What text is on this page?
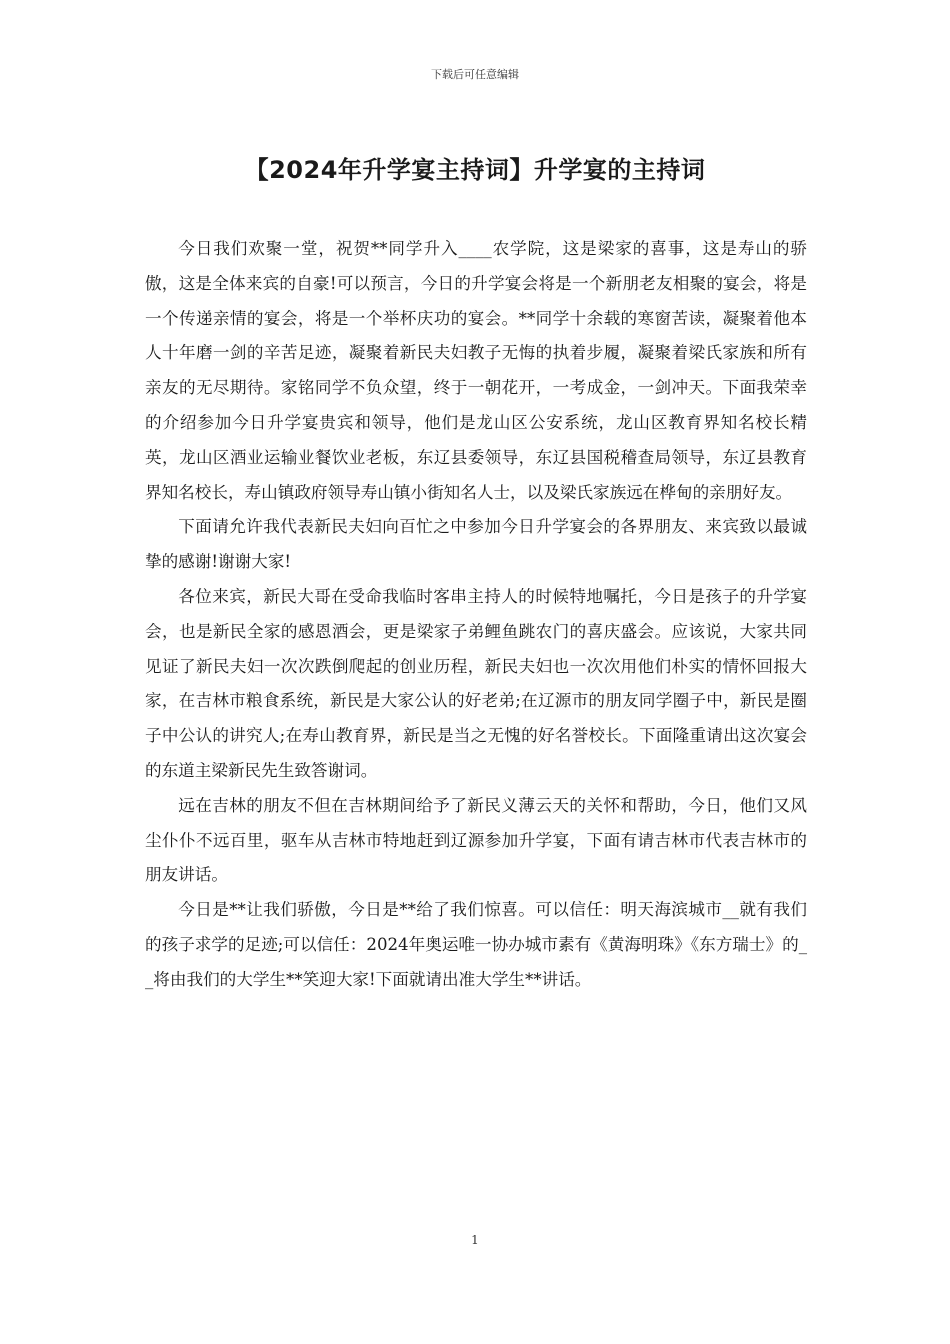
下载后可任意编辑
【2024年升学宴主持词】升学宴的主持词

今日我们欢聚一堂，祝贺**同学升入____农学院，这是梁家的喜事，这是寿山的骄傲，这是全体来宾的自豪!可以预言，今日的升学宴会将是一个新朋老友相聚的宴会，将是一个传递亲情的宴会，将是一个举杯庆功的宴会。**同学十余载的寒窗苦读，凝聚着他本人十年磨一剑的辛苦足迹，凝聚着新民夫妇教子无悔的执着步履，凝聚着梁氏家族和所有亲友的无尽期待。家铭同学不负众望，终于一朝花开，一考成金，一剑冲天。下面我荣幸的介绍参加今日升学宴贵宾和领导，他们是龙山区公安系统，龙山区教育界知名校长精英，龙山区酒业运输业餐饮业老板，东辽县委领导，东辽县国税稽查局领导，东辽县教育界知名校长，寿山镇政府领导寿山镇小街知名人士，以及梁氏家族远在桦甸的亲朋好友。

下面请允许我代表新民夫妇向百忙之中参加今日升学宴会的各界朋友、来宾致以最诚挚的感谢!谢谢大家!

各位来宾，新民大哥在受命我临时客串主持人的时候特地嘱托，今日是孩子的升学宴会，也是新民全家的感恩酒会，更是梁家子弟鲤鱼跳农门的喜庆盛会。应该说，大家共同见证了新民夫妇一次次跌倒爬起的创业历程，新民夫妇也一次次用他们朴实的情怀回报大家，在吉林市粮食系统，新民是大家公认的好老弟;在辽源市的朋友同学圈子中，新民是圈子中公认的讲究人;在寿山教育界，新民是当之无愧的好名誉校长。下面隆重请出这次宴会的东道主梁新民先生致答谢词。

远在吉林的朋友不但在吉林期间给予了新民义薄云天的关怀和帮助，今日，他们又风尘仆仆不远百里，驱车从吉林市特地赶到辽源参加升学宴，下面有请吉林市代表吉林市的朋友讲话。

今日是**让我们骄傲，今日是**给了我们惊喜。可以信任：明天海滨城市__就有我们的孩子求学的足迹;可以信任：2024年奥运唯一协办城市素有《黄海明珠》《东方瑞士》的__将由我们的大学生**笑迎大家!下面就请出准大学生**讲话。

1
